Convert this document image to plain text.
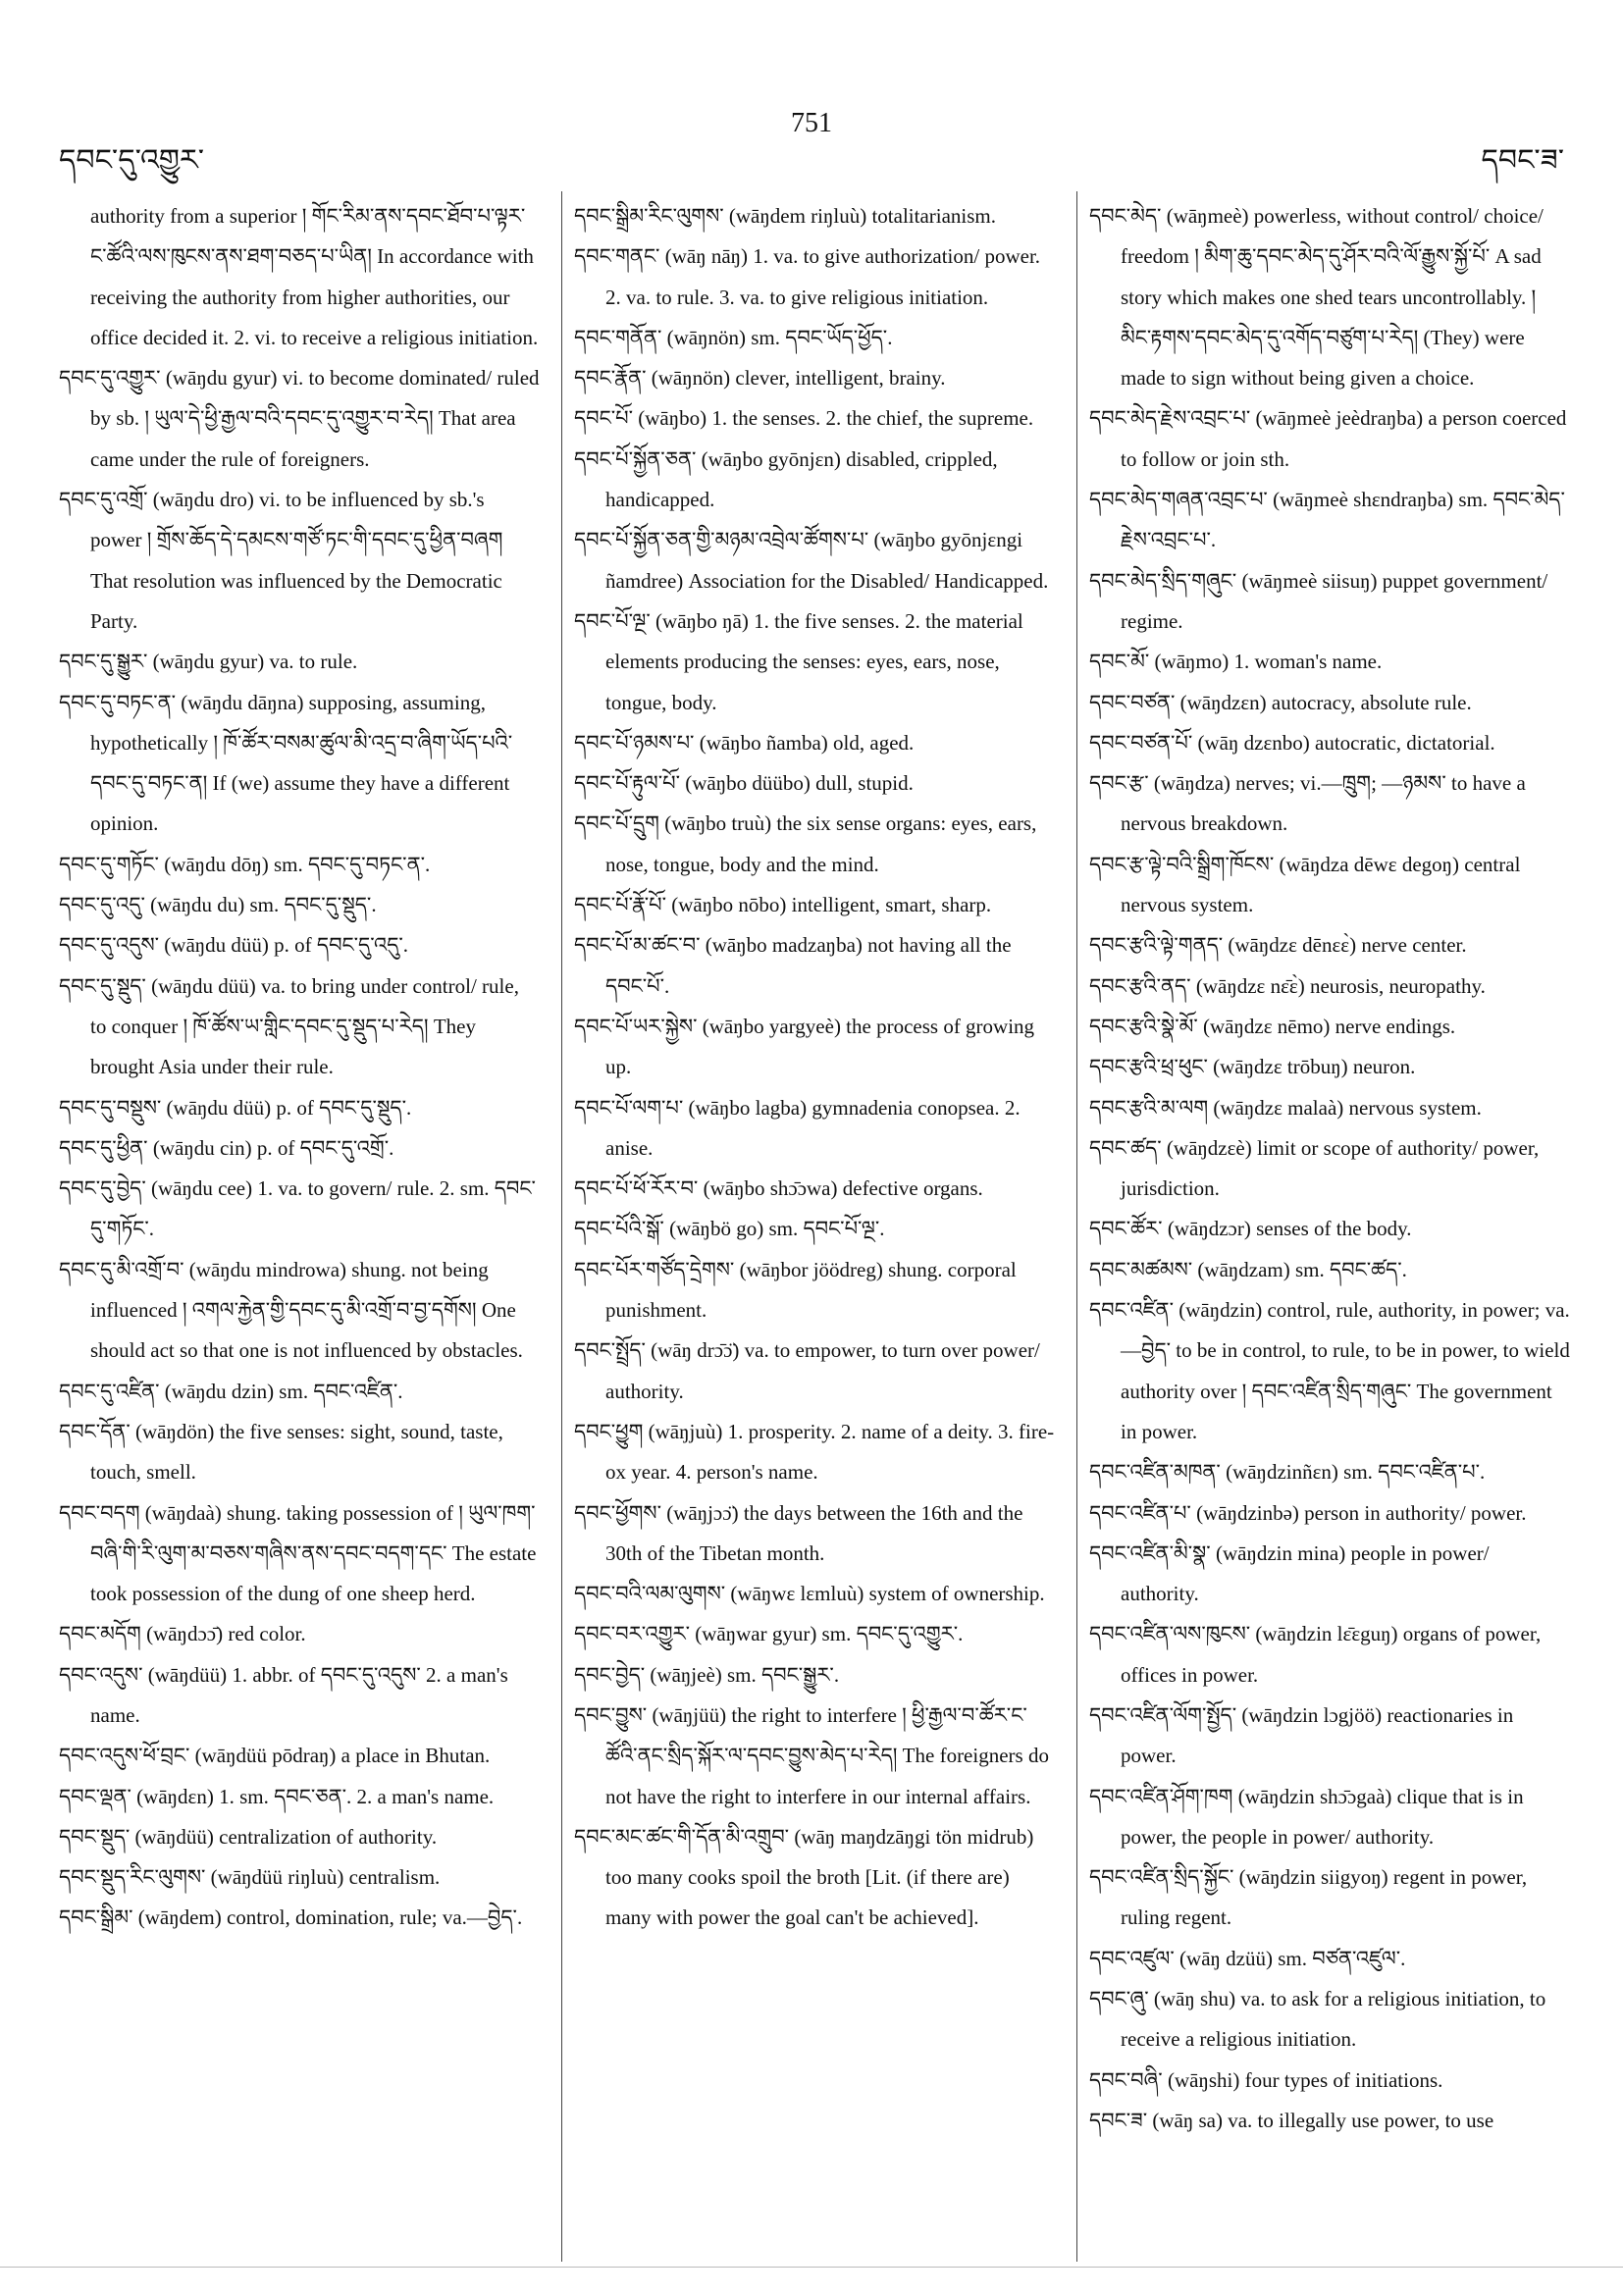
དབང་དུ་འགྱུར་
751
དབང་ཟ་

authority from a superior ། གོང་རིམ་ནས་དབང་ཐོབ་པ་ལྟར་ང་ཚོའི་ལས་ཁུངས་ནས་ཐག་བཅད་པ་ཡིན། In accordance with receiving the authority from higher authorities, our office decided it. 2. vi. to receive a religious initiation.

དབང་དུ་འགྱུར་ (wāŋdu gyur) vi. to become dominated/ ruled by sb. ། ཡུལ་དེ་ཕྱི་རྒྱལ་བའི་དབང་དུ་འགྱུར་བ་རེད། That area came under the rule of foreigners.

དབང་དུ་འགྲོ་ (wāŋdu dro) vi. to be influenced by sb.'s power ། གྲོས་ཆོད་དེ་དམངས་གཙོ་ཏང་གི་དབང་དུ་ཕྱིན་བཞག That resolution was influenced by the Democratic Party.

དབང་དུ་སྒྱུར་ (wāŋdu gyur) va. to rule.

དབང་དུ་བཏང་ན་ (wāŋdu dāŋna) supposing, assuming, hypothetically ། ཁོ་ཚོར་བསམ་ཚུལ་མི་འདྲ་བ་ཞིག་ཡོད་པའི་དབང་དུ་བཏང་ན། If (we) assume they have a different opinion.

དབང་དུ་གཏོང་ (wāŋdu dōŋ) sm. དབང་དུ་བཏང་ན་.

དབང་དུ་འདུ་ (wāŋdu du) sm. དབང་དུ་སྡུད་.

དབང་དུ་འདུས་ (wāŋdu düü) p. of དབང་དུ་འདུ་.

དབང་དུ་སྡུད་ (wāŋdu düü) va. to bring under control/ rule, to conquer ། ཁོ་ཚོས་ཡ་གླིང་དབང་དུ་སྡུད་པ་རེད། They brought Asia under their rule.

དབང་དུ་བསྡུས་ (wāŋdu düü) p. of དབང་དུ་སྡུད་.

དབང་དུ་ཕྱིན་ (wāŋdu cin) p. of དབང་དུ་འགྲོ་.

དབང་དུ་བྱེད་ (wāŋdu cee) 1. va. to govern/ rule. 2. sm. དབང་དུ་གཏོང་.

དབང་དུ་མི་འགྲོ་བ་ (wāŋdu mindrowa) shung. not being influenced ། འགལ་རྐྱེན་གྱི་དབང་དུ་མི་འགྲོ་བ་བྱ་དགོས། One should act so that one is not influenced by obstacles.

དབང་དུ་འཛིན་ (wāŋdu dzin) sm. དབང་འཛིན་.

དབང་དོན་ (wāŋdön) the five senses: sight, sound, taste, touch, smell.

དབང་བདག (wāŋdaà) shung. taking possession of ། ཡུལ་ཁག་བཞི་གི་རི་ལུག་མ་བཅས་གཞིས་ནས་དབང་བདག་དང་ The estate took possession of the dung of one sheep herd.

དབང་མདོག (wāŋdɔɔ̄) red color.

དབང་འདུས་ (wāŋdüü) 1. abbr. of དབང་དུ་འདུས་ 2. a man's name.

དབང་འདུས་ཕོ་བྲང་ (wāŋdüü pōdraŋ) a place in Bhutan.

དབང་ལྡན་ (wāŋdɛn) 1. sm. དབང་ཅན་. 2. a man's name.

དབང་སྡུད་ (wāŋdüü) centralization of authority.

དབང་སྡུད་རིང་ལུགས་ (wāŋdüü riŋluù) centralism.

དབང་སྒྲིམ་ (wāŋdem) control, domination, rule; va.—བྱེད་.

དབང་སྒྲིམ་རིང་ལུགས་ (wāŋdem riŋluù) totalitarianism.

དབང་གནང་ (wāŋ nāŋ) 1. va. to give authorization/ power. 2. va. to rule. 3. va. to give religious initiation.

དབང་གནོན་ (wāŋnön) sm. དབང་ཡོད་ཕྱོད་.

དབང་རྣོན་ (wāŋnön) clever, intelligent, brainy.

དབང་པོ་ (wāŋbo) 1. the senses. 2. the chief, the supreme.

དབང་པོ་སྐྱོན་ཅན་ (wāŋbo gyōnjɛn) disabled, crippled, handicapped.

དབང་པོ་སྐྱོན་ཅན་གྱི་མཉམ་འབྲེལ་ཚོགས་པ་ (wāŋbo gyōnjɛngi ñamdree) Association for the Disabled/ Handicapped.

དབང་པོ་ལྔ་ (wāŋbo ŋā) 1. the five senses. 2. the material elements producing the senses: eyes, ears, nose, tongue, body.

དབང་པོ་ཉམས་པ་ (wāŋbo ñamba) old, aged.

དབང་པོ་རྟུལ་པོ་ (wāŋbo düübo) dull, stupid.

དབང་པོ་དྲུག (wāŋbo truù) the six sense organs: eyes, ears, nose, tongue, body and the mind.

དབང་པོ་རྣོ་པོ་ (wāŋbo nōbo) intelligent, smart, sharp.

དབང་པོ་མ་ཚང་བ་ (wāŋbo madzaŋba) not having all the དབང་པོ་.

དབང་པོ་ཡར་སྐྱེས་ (wāŋbo yargyeè) the process of growing up.

དབང་པོ་ལག་པ་ (wāŋbo lagba) gymnadenia conopsea. 2. anise.

དབང་པོ་ཕོ་རོར་བ་ (wāŋbo shɔ̄ɔwa) defective organs.

དབང་པོའི་སྒོ་ (wāŋbö go) sm. དབང་པོ་ལྔ་.

དབང་པོར་གཙོད་དྲེགས་ (wāŋbor jöödreg) shung. corporal punishment.

དབང་སྤྲོད་ (wāŋ drɔ̄ɔ̈) va. to empower, to turn over power/ authority.

དབང་ཕྱུག (wāŋjuù) 1. prosperity. 2. name of a deity. 3. fire-ox year. 4. person's name.

དབང་ཕྱོགས་ (wāŋjɔɔ̈) the days between the 16th and the 30th of the Tibetan month.

དབང་བའི་ལམ་ལུགས་ (wāŋwɛ lɛmluù) system of ownership.

དབང་བར་འགྱུར་ (wāŋwar gyur) sm. དབང་དུ་འགྱུར་.

དབང་བྱེད་ (wāŋjeè) sm. དབང་སྒྱུར་.

དབང་བྱུས་ (wāŋjüü) the right to interfere ། ཕྱི་རྒྱལ་བ་ཚོར་ང་ཚོའི་ནང་སྲིད་སྐོར་ལ་དབང་བྱུས་མེད་པ་རེད། The foreigners do not have the right to interfere in our internal affairs.

དབང་མང་ཚང་གི་དོན་མི་འགྲུབ་ (wāŋ maŋdzāŋgi tön midrub) too many cooks spoil the broth [Lit. (if there are) many with power the goal can't be achieved].

དབང་མེད་ (wāŋmeè) powerless, without control/ choice/ freedom ། མིག་ཆུ་དབང་མེད་དུ་ཤོར་བའི་ལོ་རྒྱུས་སྐྱོ་པོ་ A sad story which makes one shed tears uncontrollably. ། མིང་རྟགས་དབང་མེད་དུ་འགོད་བཙུག་པ་རེད། (They) were made to sign without being given a choice.

དབང་མེད་རྗེས་འབྲང་པ་ (wāŋmeè jeèdraŋba) a person coerced to follow or join sth.

དབང་མེད་གཞན་འབྲང་པ་ (wāŋmeè shɛndraŋba) sm. དབང་མེད་རྗེས་འབྲང་པ་.

དབང་མེད་སྲིད་གཞུང་ (wāŋmeè siisuŋ) puppet government/ regime.

དབང་མོ་ (wāŋmo) 1. woman's name.

དབང་བཙན་ (wāŋdzɛn) autocracy, absolute rule.

དབང་བཙན་པོ་ (wāŋ dzɛnbo) autocratic, dictatorial.

དབང་རྩ་ (wāŋdza) nerves; vi.—ཁྲུག; —ཉམས་ to have a nervous breakdown.

དབང་རྩ་ལྟེ་བའི་སྒྲིག་ཁོངས་ (wāŋdza dēwɛ degoŋ) central nervous system.

དབང་རྩའི་ལྟེ་གནད་ (wāŋdzɛ dēnɛɛ̀) nerve center.

དབང་རྩའི་ནད་ (wāŋdzɛ nɛ̄ɛ̀) neurosis, neuropathy.

དབང་རྩའི་སྣེ་མོ་ (wāŋdzɛ nēmo) nerve endings.

དབང་རྩའི་ཕྲ་ཕུང་ (wāŋdzɛ trōbuŋ) neuron.

དབང་རྩའི་མ་ལག (wāŋdzɛ malaà) nervous system.

དབང་ཚད་ (wāŋdzɛè) limit or scope of authority/ power, jurisdiction.

དབང་ཚོར་ (wāŋdzɔr) senses of the body.

དབང་མཚམས་ (wāŋdzam) sm. དབང་ཚད་.

དབང་འཛིན་ (wāŋdzin) control, rule, authority, in power; va.—བྱེད་ to be in control, to rule, to be in power, to wield authority over ། དབང་འཛིན་སྲིད་གཞུང་ The government in power.

དབང་འཛིན་མཁན་ (wāŋdzinñɛn) sm. དབང་འཛིན་པ་.

དབང་འཛིན་པ་ (wāŋdzinbə) person in authority/ power.

དབང་འཛིན་མི་སྣ་ (wāŋdzin mina) people in power/ authority.

དབང་འཛིན་ལས་ཁུངས་ (wāŋdzin lɛ̄ɛguŋ) organs of power, offices in power.

དབང་འཛིན་ལོག་སྤྱོད་ (wāŋdzin lɔgjöö) reactionaries in power.

དབང་འཛིན་ཤོག་ཁག (wāŋdzin shɔ̄ɔgaà) clique that is in power, the people in power/ authority.

དབང་འཛིན་སྲིད་སྐྱོང་ (wāŋdzin siigyoŋ) regent in power, ruling regent.

དབང་འཛུལ་ (wāŋ dzüü) sm. བཙན་འཛུལ་.

དབང་ཞུ་ (wāŋ shu) va. to ask for a religious initiation, to receive a religious initiation.

དབང་བཞི་ (wāŋshi) four types of initiations.

དབང་ཟ་ (wāŋ sa) va. to illegally use power, to use
